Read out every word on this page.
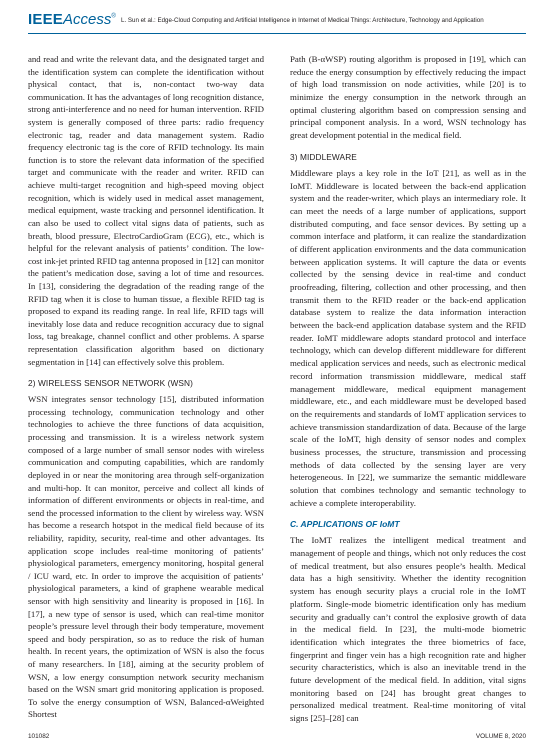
IEEEAccess®
L. Sun et al.: Edge-Cloud Computing and Artificial Intelligence in Internet of Medical Things: Architecture, Technology and Application

and read and write the relevant data, and the designated target and the identification system can complete the identification without physical contact, that is, non-contact two-way data communication. It has the advantages of long recognition distance, strong anti-interference and no need for human intervention. RFID system is generally composed of three parts: radio frequency electronic tag, reader and data management system. Radio frequency electronic tag is the core of RFID technology. Its main function is to store the relevant data information of the specified target and communicate with the reader and writer. RFID can achieve multi-target recognition and high-speed moving object recognition, which is widely used in medical asset management, medical equipment, waste tracking and personnel identification. It can also be used to collect vital signs data of patients, such as breath, blood pressure, ElectroCardioGram (ECG), etc., which is helpful for the relevant analysis of patients’ condition. The low-cost ink-jet printed RFID tag antenna proposed in [12] can monitor the patient’s medication dose, saving a lot of time and resources. In [13], considering the degradation of the reading range of the RFID tag when it is close to human tissue, a flexible RFID tag is proposed to expand its reading range. In real life, RFID tags will inevitably lose data and reduce recognition accuracy due to signal loss, tag breakage, channel conflict and other problems. A sparse representation classification algorithm based on dictionary segmentation in [14] can effectively solve this problem.

2) WIRELESS SENSOR NETWORK (WSN)

WSN integrates sensor technology [15], distributed information processing technology, communication technology and other technologies to achieve the three functions of data acquisition, processing and transmission. It is a wireless network system composed of a large number of small sensor nodes with wireless communication and computing capabilities, which are randomly deployed in or near the monitoring area through self-organization and multi-hop. It can monitor, perceive and collect all kinds of information of different environments or objects in real-time, and send the processed information to the client by wireless way. WSN has become a research hotspot in the medical field because of its reliability, rapidity, security, real-time and other advantages. Its application scope includes real-time monitoring of patients’ physiological parameters, emergency monitoring, hospital general / ICU ward, etc. In order to improve the acquisition of patients’ physiological parameters, a kind of graphene wearable medical sensor with high sensitivity and linearity is proposed in [16]. In [17], a new type of sensor is used, which can real-time monitor people’s pressure level through their body temperature, movement speed and body perspiration, so as to reduce the risk of human health. In recent years, the optimization of WSN is also the focus of many researchers. In [18], aiming at the security problem of WSN, a low energy consumption network security mechanism based on the WSN smart grid monitoring application is proposed. To solve the energy consumption of WSN, Balanced-αWeighted Shortest

Path (B-αWSP) routing algorithm is proposed in [19], which can reduce the energy consumption by effectively reducing the impact of high load transmission on node activities, while [20] is to minimize the energy consumption in the network through an optimal clustering algorithm based on compression sensing and principal component analysis. In a word, WSN technology has great development potential in the medical field.

3) MIDDLEWARE

Middleware plays a key role in the IoT [21], as well as in the IoMT. Middleware is located between the back-end application system and the reader-writer, which plays an intermediary role. It can meet the needs of a large number of applications, support distributed computing, and face sensor devices. By setting up a common interface and platform, it can realize the standardization of different application environments and the data communication between application systems. It will capture the data or events collected by the sensing device in real-time and conduct proofreading, filtering, collection and other processing, and then transmit them to the RFID reader or the back-end application database system to realize the data information interaction between the back-end application database system and the RFID reader. IoMT middleware adopts standard protocol and interface technology, which can develop different middleware for different medical application services and needs, such as electronic medical record information transmission middleware, medical staff management middleware, medical equipment management middleware, etc., and each middleware must be developed based on the requirements and standards of IoMT application services to achieve transmission standardization of data. Because of the large scale of the IoMT, high density of sensor nodes and complex business processes, the structure, transmission and processing methods of data collected by the sensing layer are very heterogeneous. In [22], we summarize the semantic middleware solution that combines technology and semantic technology to achieve a complete interoperability.

C. APPLICATIONS OF IoMT

The IoMT realizes the intelligent medical treatment and management of people and things, which not only reduces the cost of medical treatment, but also ensures people’s health. Medical data has a high sensitivity. Whether the identity recognition system has enough security plays a crucial role in the IoMT platform. Single-mode biometric identification only has medium security and gradually can’t control the explosive growth of data in the medical field. In [23], the multi-mode biometric identification which integrates the three biometrics of face, fingerprint and finger vein has a high recognition rate and higher security characteristics, which is also an inevitable trend in the future development of the medical field. In addition, vital signs monitoring based on [24] has brought great changes to personalized medical treatment. Real-time monitoring of vital signs [25]–[28] can

101082	VOLUME 8, 2020
